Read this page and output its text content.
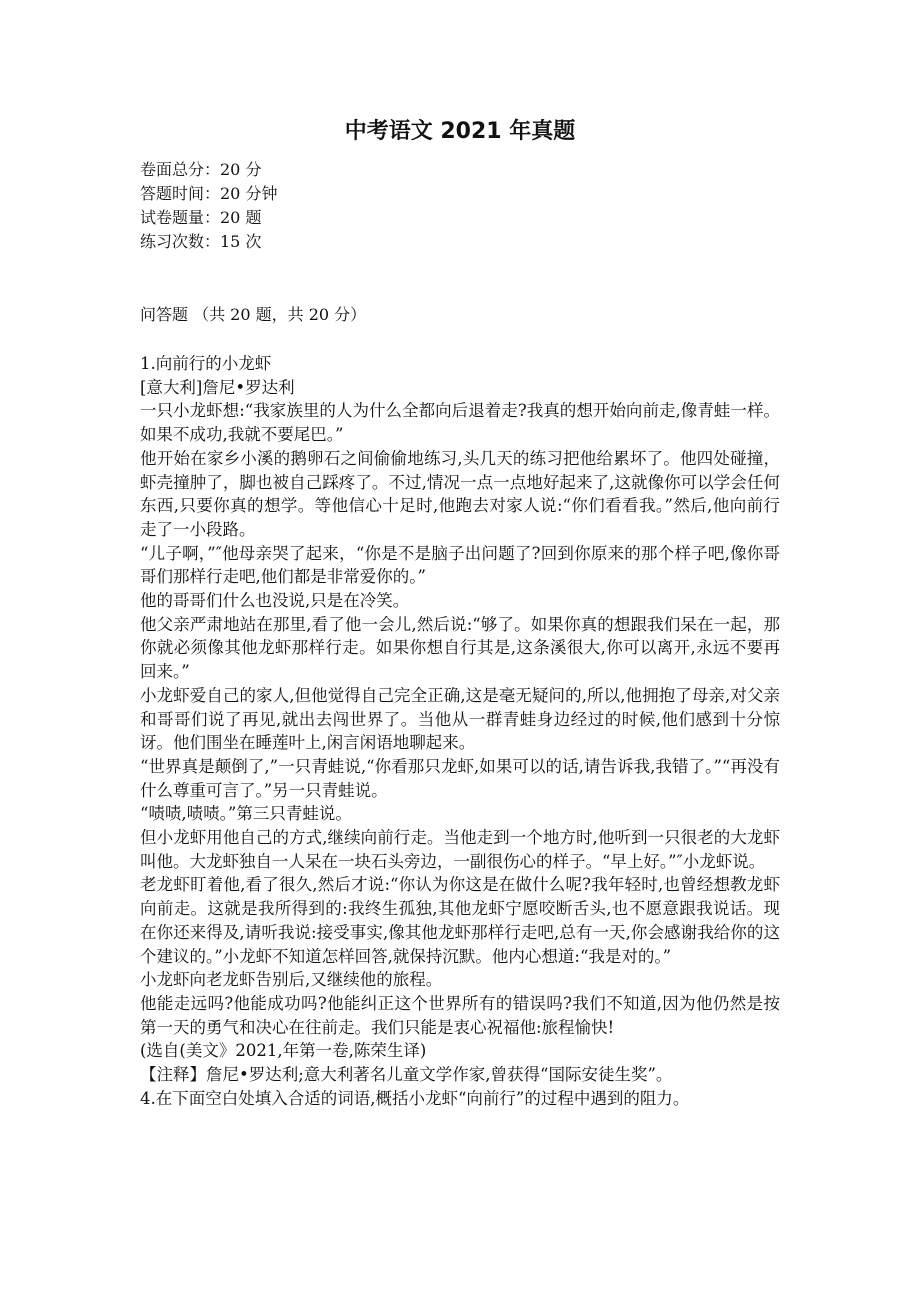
中考语文 2021 年真题
卷面总分：20 分
答题时间：20 分钟
试卷题量：20 题
练习次数：15 次
问答题 （共 20 题，共 20 分）

1.向前行的小龙虾

[意大利]詹尼•罗达利

一只小龙虾想:“我家族里的人为什么全都向后退着走?我真的想开始向前走,像青蛙一样。如果不成功,我就不要尾巴。”

他开始在家乡小溪的鹅卵石之间偷偷地练习,头几天的练习把他给累坏了。他四处碰撞，虾壳撞肿了，脚也被自己踩疼了。不过,情况一点一点地好起来了,这就像你可以学会任何东西,只要你真的想学。等他信心十足时,他跑去对家人说:“你们看看我。”然后,他向前行走了一小段路。

“儿子啊，”″他母亲哭了起来，“你是不是脑子出问题了?回到你原来的那个样子吧,像你哥哥们那样行走吧,他们都是非常爱你的。”

他的哥哥们什么也没说,只是在冷笑。

他父亲严肃地站在那里,看了他一会儿,然后说:“够了。如果你真的想跟我们呆在一起，那你就必须像其他龙虾那样行走。如果你想自行其是,这条溪很大,你可以离开,永远不要再回来。”

小龙虾爱自己的家人,但他觉得自己完全正确,这是毫无疑问的,所以,他拥抱了母亲,对父亲和哥哥们说了再见,就出去闯世界了。当他从一群青蛙身边经过的时候,他们感到十分惊讶。他们围坐在睡莲叶上,闲言闲语地聊起来。

“世界真是颠倒了,”一只青蛙说,“你看那只龙虾,如果可以的话,请告诉我,我错了。”“再没有什么尊重可言了。”另一只青蛙说。

“啧啧,啧啧。”第三只青蛙说。

但小龙虾用他自己的方式,继续向前行走。当他走到一个地方时,他听到一只很老的大龙虾叫他。大龙虾独自一人呆在一块石头旁边，一副很伤心的样子。“早上好。”″小龙虾说。

老龙虾盯着他,看了很久,然后才说:“你认为你这是在做什么呢?我年轻时,也曾经想教龙虾向前走。这就是我所得到的:我终生孤独,其他龙虾宁愿咬断舌头,也不愿意跟我说话。现在你还来得及,请听我说:接受事实,像其他龙虾那样行走吧,总有一天,你会感谢我给你的这个建议的。”小龙虾不知道怎样回答,就保持沉默。他内心想道:“我是对的。”

小龙虾向老龙虾告别后,又继续他的旅程。

他能走远吗?他能成功吗?他能纠正这个世界所有的错误吗?我们不知道,因为他仍然是按第一天的勇气和决心在往前走。我们只能是衷心祝福他:旅程愉快!

(选自(美文》2021,年第一卷,陈荣生译)

【注释】詹尼•罗达利;意大利著名儿童文学作家,曾获得“国际安徒生奖”。

4.在下面空白处填入合适的词语,概括小龙虾“向前行”的过程中遇到的阻力。
